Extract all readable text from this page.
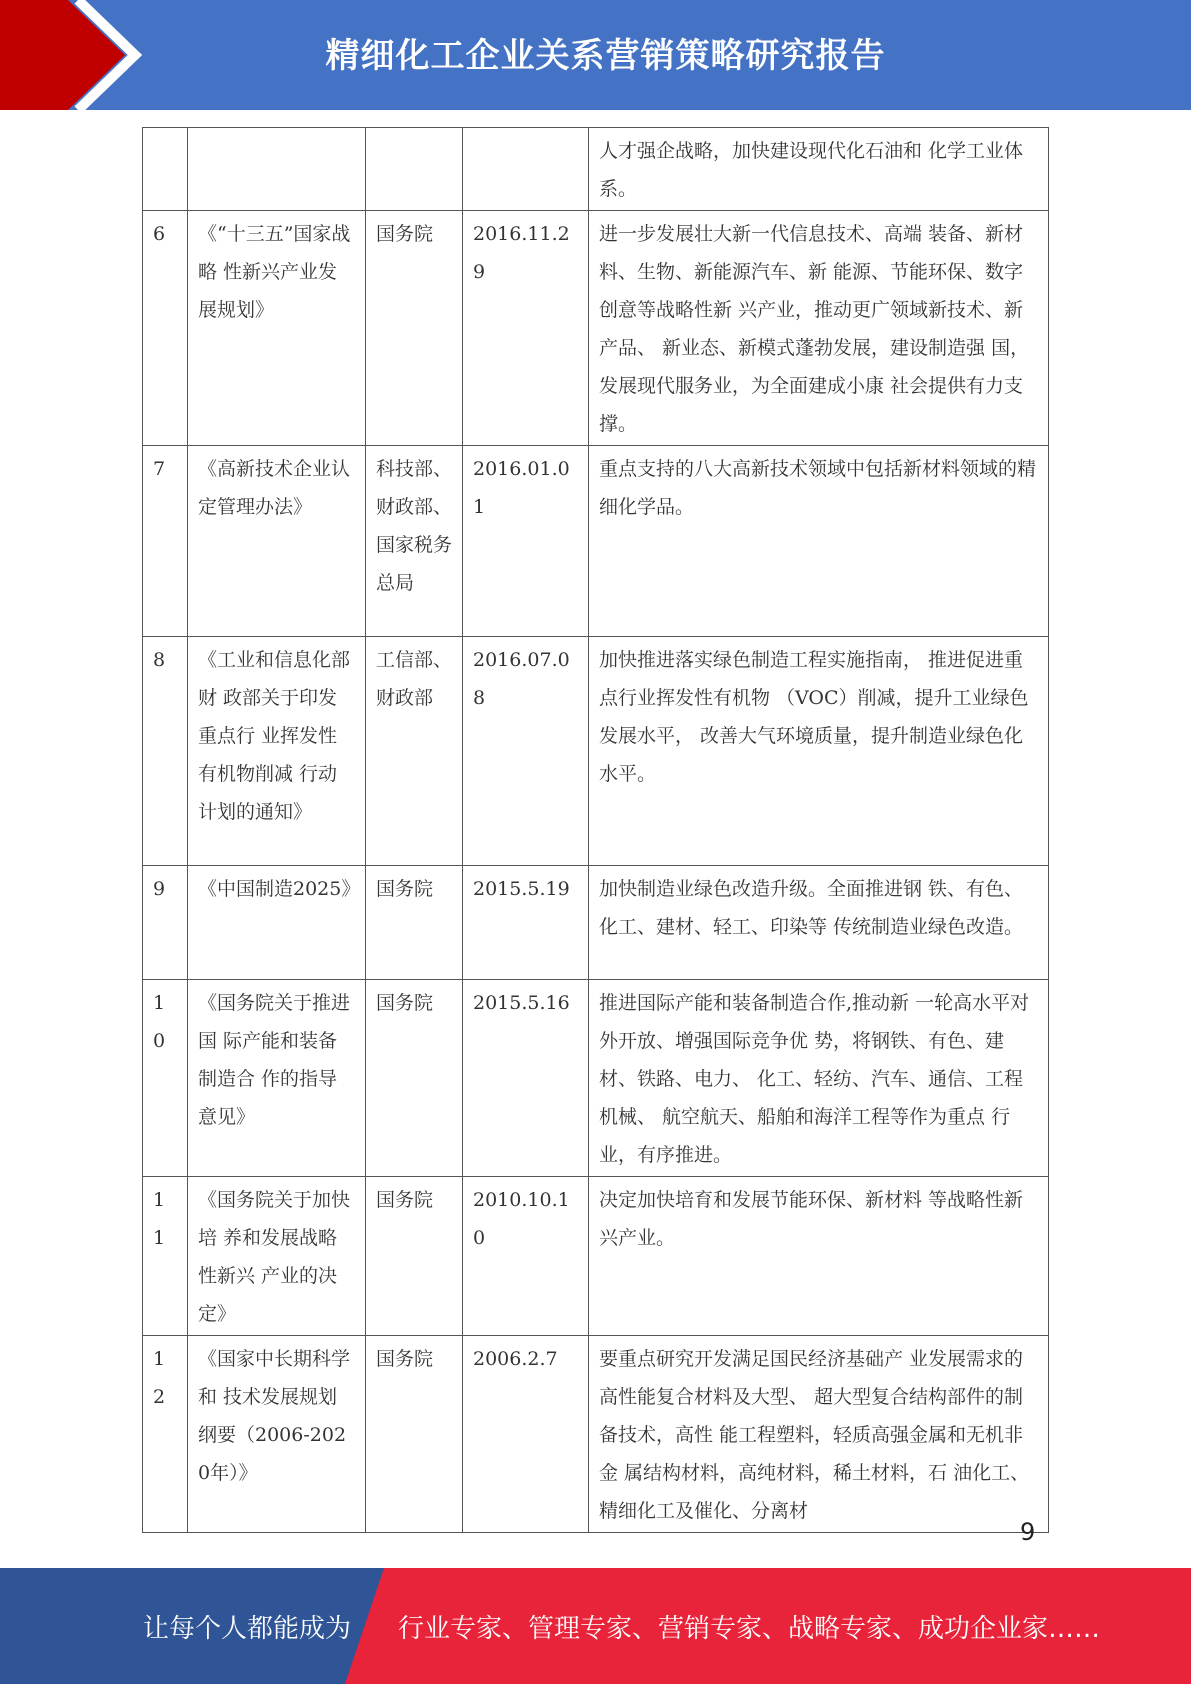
精细化工企业关系营销策略研究报告
				人才强企战略，加快建设现代化石油和 化学工业体系。
6	《“十三五”国家战略 性新兴产业发展规划》	国务院	2016.11.29	进一步发展壮大新一代信息技术、高端 装备、新材料、生物、新能源汽车、新 能源、节能环保、数字创意等战略性新 兴产业，推动更广领域新技术、新产品、 新业态、新模式蓬勃发展，建设制造强 国，发展现代服务业，为全面建成小康 社会提供有力支撑。
7	《高新技术企业认定管理办法》	科技部、财政部、国家税务 总局	2016.01.01	重点支持的八大高新技术领域中包括新材料领域的精细化学品。
8	《工业和信息化部财 政部关于印发重点行 业挥发性有机物削减 行动计划的通知》	工信部、 财政部	2016.07.08	加快推进落实绿色制造工程实施指南， 推进促进重点行业挥发性有机物 （VOC）削减，提升工业绿色发展水平， 改善大气环境质量，提升制造业绿色化 水平。
9	《中国制造2025》	国务院	2015.5.19	加快制造业绿色改造升级。全面推进钢 铁、有色、化工、建材、轻工、印染等 传统制造业绿色改造。
10	《国务院关于推进国 际产能和装备制造合 作的指导意见》	国务院	2015.5.16	推进国际产能和装备制造合作,推动新 一轮高水平对外开放、增强国际竞争优 势，将钢铁、有色、建材、铁路、电力、 化工、轻纺、汽车、通信、工程机械、 航空航天、船舶和海洋工程等作为重点 行业，有序推进。
11	《国务院关于加快培 养和发展战略性新兴 产业的决定》	国务院	2010.10.10	决定加快培育和发展节能环保、新材料 等战略性新兴产业。
12	《国家中长期科学和 技术发展规划纲要（2006-2020年）》	国务院	2006.2.7	要重点研究开发满足国民经济基础产 业发展需求的高性能复合材料及大型、 超大型复合结构部件的制备技术，高性 能工程塑料，轻质高强金属和无机非金 属结构材料，高纯材料，稀土材料，石 油化工、精细化工及催化、分离材
9
让每个人都能成为 行业专家、管理专家、营销专家、战略专家、成功企业家……
